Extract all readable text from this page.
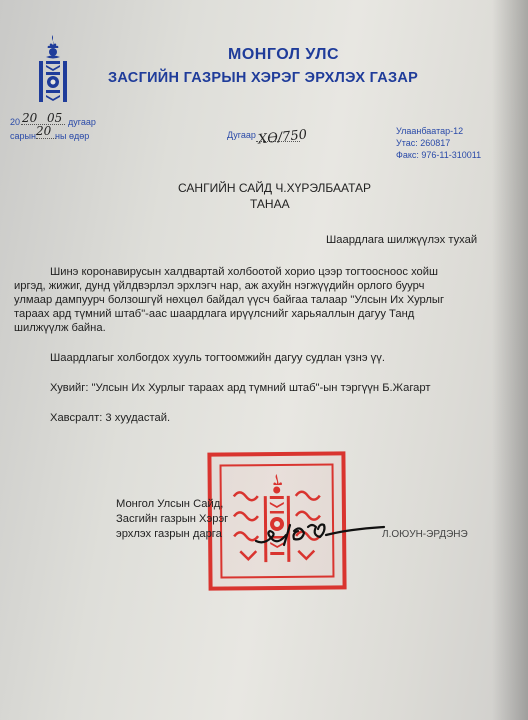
МОНГОЛ УЛС
ЗАСГИЙН ГАЗРЫН ХЭРЭГ ЭРХЛЭХ ГАЗАР
20 20 05 дугаар
сарын 20 ны өдөр	Дугаар ХӨ/750	Улаанбаатар-12
Утас: 260817
Факс: 976-11-310011
САНГИЙН САЙД Ч.ХҮРЭЛБААТАР
ТАНАА
Шаардлага шилжүүлэх тухай
Шинэ коронавирусын халдвартай холбоотой хорио цээр тогтоосноос хойш
иргэд, жижиг, дунд үйлдвэрлэл эрхлэгч нар, аж ахуйн нэгжүүдийн орлого буурч
улмаар дампуурч болзошгүй нөхцөл байдал үүсч байгаа талаар "Улсын Их Хурлыг
тараах ард түмний штаб"-аас шаардлага ирүүлснийг харьяаллын дагуу Танд
шилжүүлж байна.
Шаардлагыг холбогдох хууль тогтоомжийн дагуу судлан үзнэ үү.
Хувийг: "Улсын Их Хурлыг тараах ард түмний штаб"-ын тэргүүн Б.Жагарт
Хавсралт: 3 хуудастай.
Монгол Улсын Сайд,
Засгийн газрын Хэрэг
эрхлэх газрын дарга	Л.ОЮУН-ЭРДЭНЭ
